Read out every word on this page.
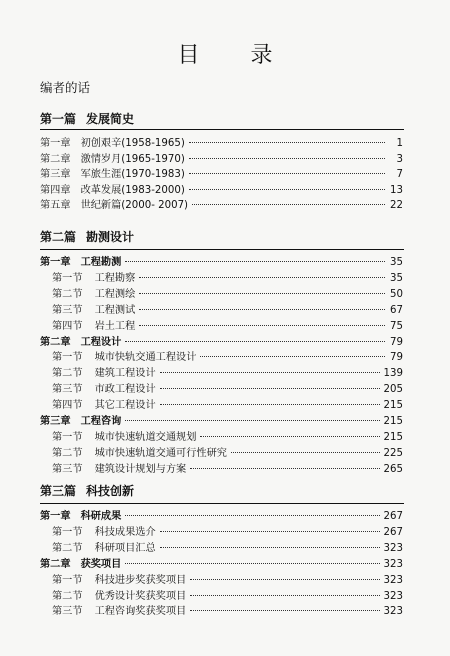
目 录
编者的话
第一篇 发展简史
第一章 初创艰辛(1958-1965)	1
第二章 激情岁月(1965-1970)	3
第三章 军旅生涯(1970-1983)	7
第四章 改革发展(1983-2000)	13
第五章 世纪新篇(2000- 2007)	22
第二篇 勘测设计
第一章 工程勘测	35
第一节 工程勘察	35
第二节 工程测绘	50
第三节 工程测试	67
第四节 岩土工程	75
第二章 工程设计	79
第一节 城市快轨交通工程设计	79
第二节 建筑工程设计	139
第三节 市政工程设计	205
第四节 其它工程设计	215
第三章 工程咨询	215
第一节 城市快速轨道交通规划	215
第二节 城市快速轨道交通可行性研究	225
第三节 建筑设计规划与方案	265
第三篇 科技创新
第一章 科研成果	267
第一节 科技成果选介	267
第二节 科研项目汇总	323
第二章 获奖项目	323
第一节 科技进步奖获奖项目	323
第二节 优秀设计奖获奖项目	323
第三节 工程咨询奖获奖项目	323
